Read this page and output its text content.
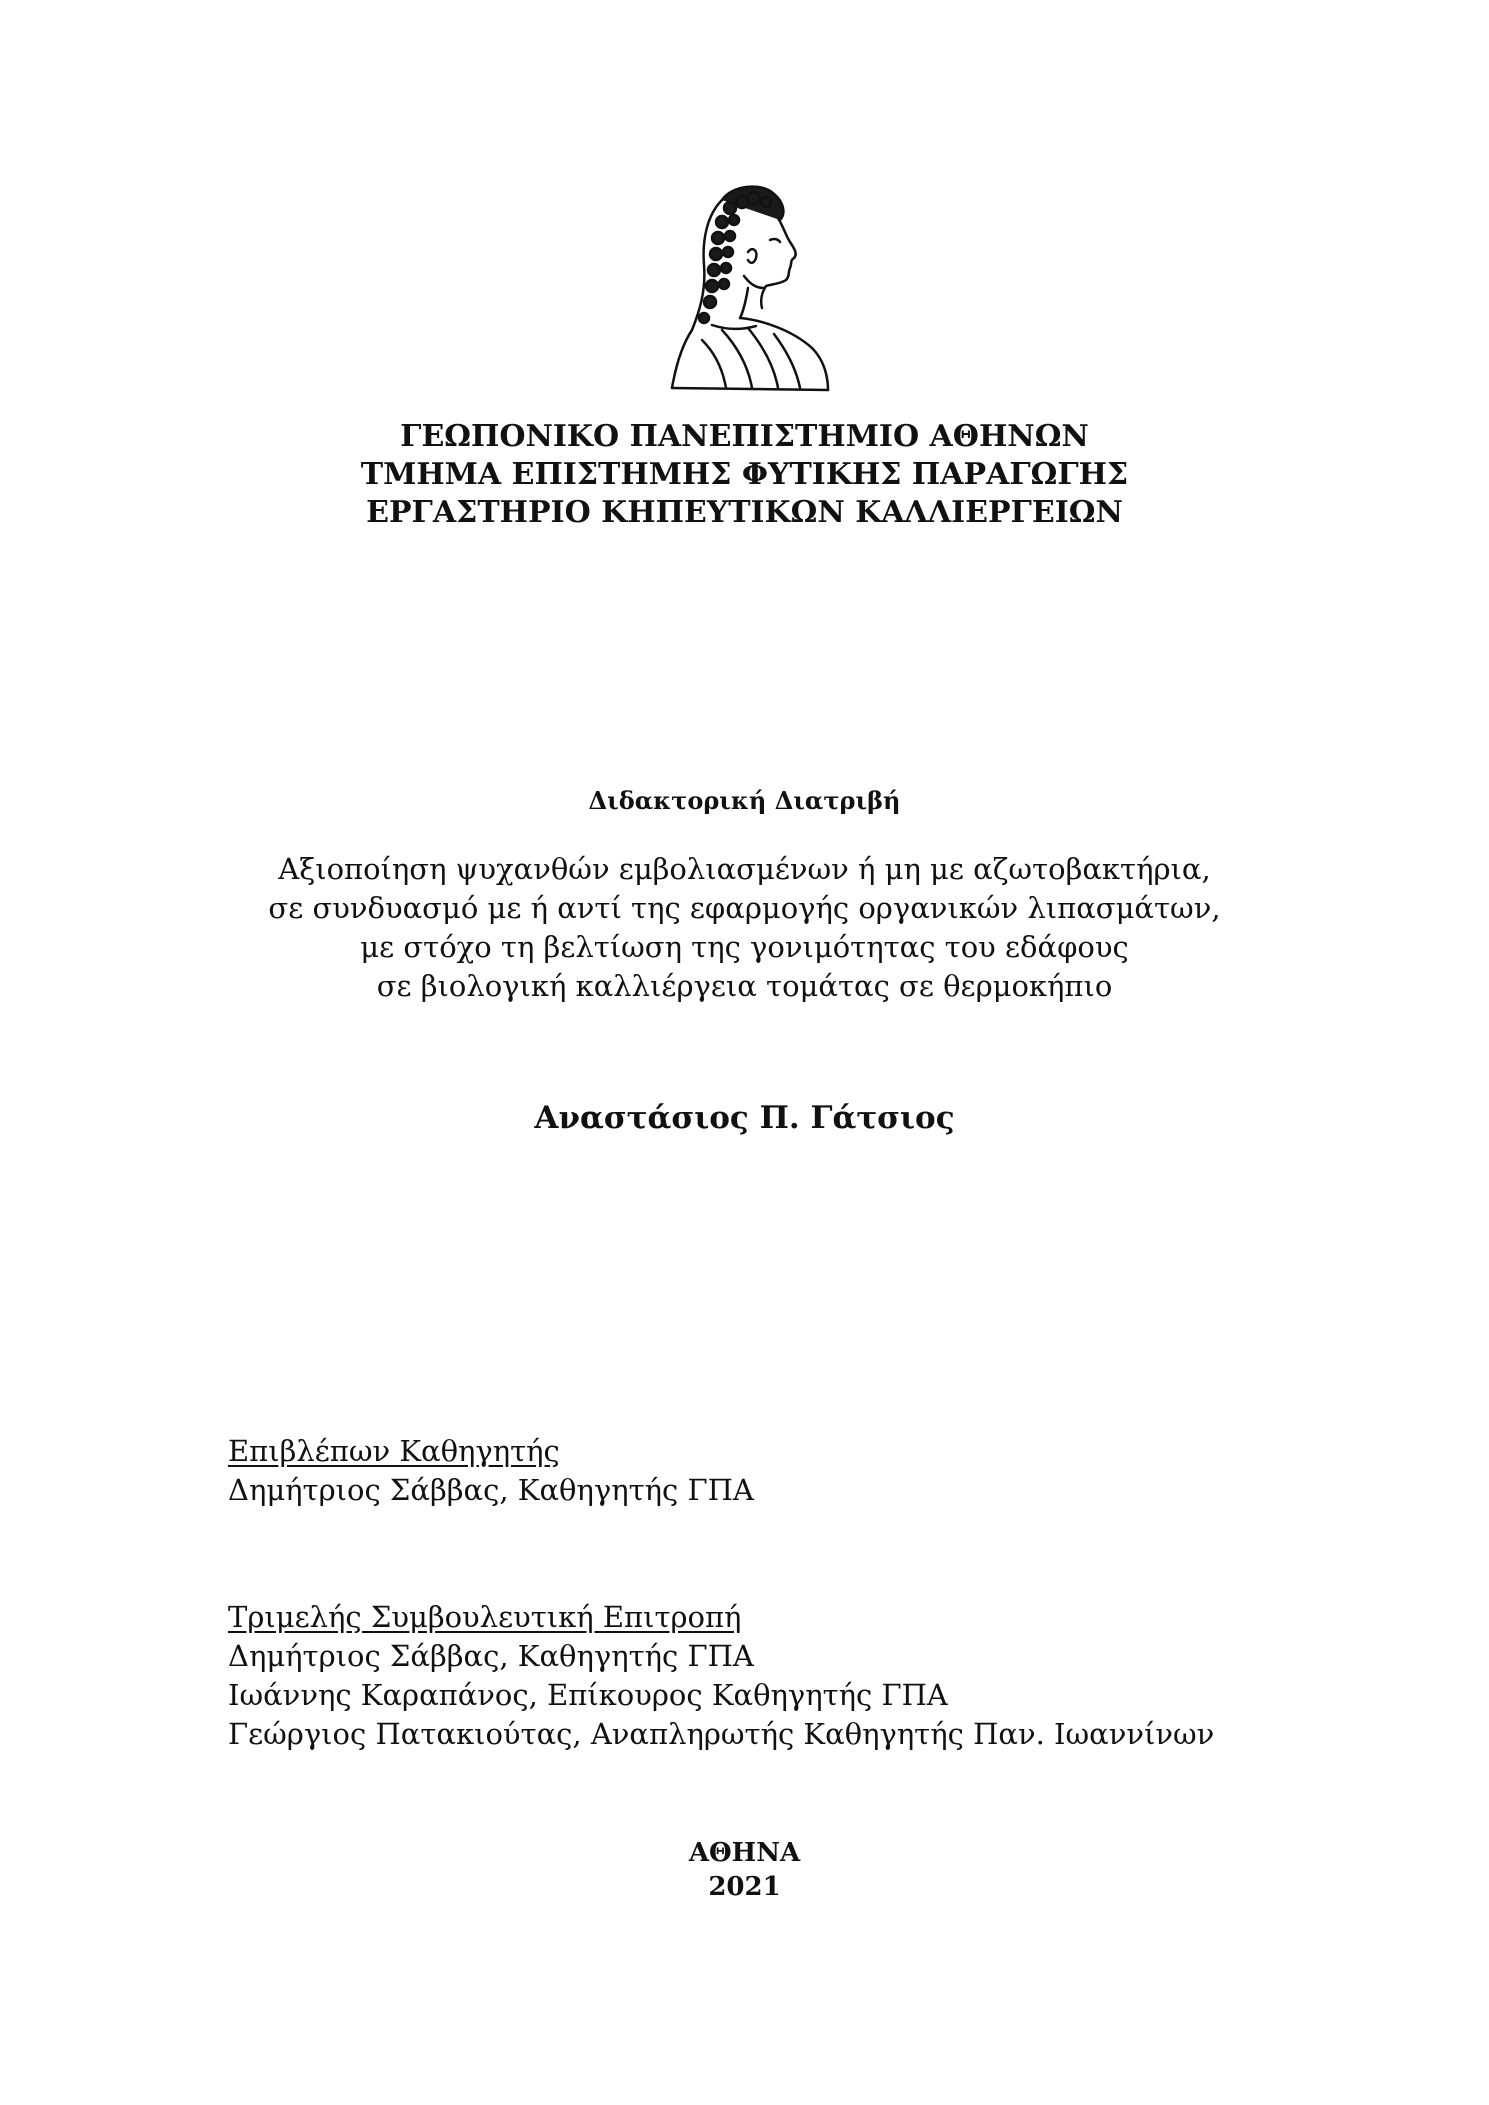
ΓΕΩΠΟΝΙΚΟ ΠΑΝΕΠΙΣΤΗΜΙΟ ΑΘΗΝΩΝ
ΤΜΗΜΑ ΕΠΙΣΤΗΜΗΣ ΦΥΤΙΚΗΣ ΠΑΡΑΓΩΓΗΣ
ΕΡΓΑΣΤΗΡΙΟ ΚΗΠΕΥΤΙΚΩΝ ΚΑΛΛΙΕΡΓΕΙΩΝ
Διδακτορική Διατριβή
Αξιοποίηση ψυχανθών εμβολιασμένων ή μη με αζωτοβακτήρια,
σε συνδυασμό με ή αντί της εφαρμογής οργανικών λιπασμάτων,
με στόχο τη βελτίωση της γονιμότητας του εδάφους
σε βιολογική καλλιέργεια τομάτας σε θερμοκήπιο
Αναστάσιος Π. Γάτσιος
Επιβλέπων Καθηγητής
Δημήτριος Σάββας, Καθηγητής ΓΠΑ
Τριμελής Συμβουλευτική Επιτροπή
Δημήτριος Σάββας, Καθηγητής ΓΠΑ
Ιωάννης Καραπάνος, Επίκουρος Καθηγητής ΓΠΑ
Γεώργιος Πατακιούτας, Αναπληρωτής Καθηγητής Παν. Ιωαννίνων
ΑΘΗΝΑ
2021
